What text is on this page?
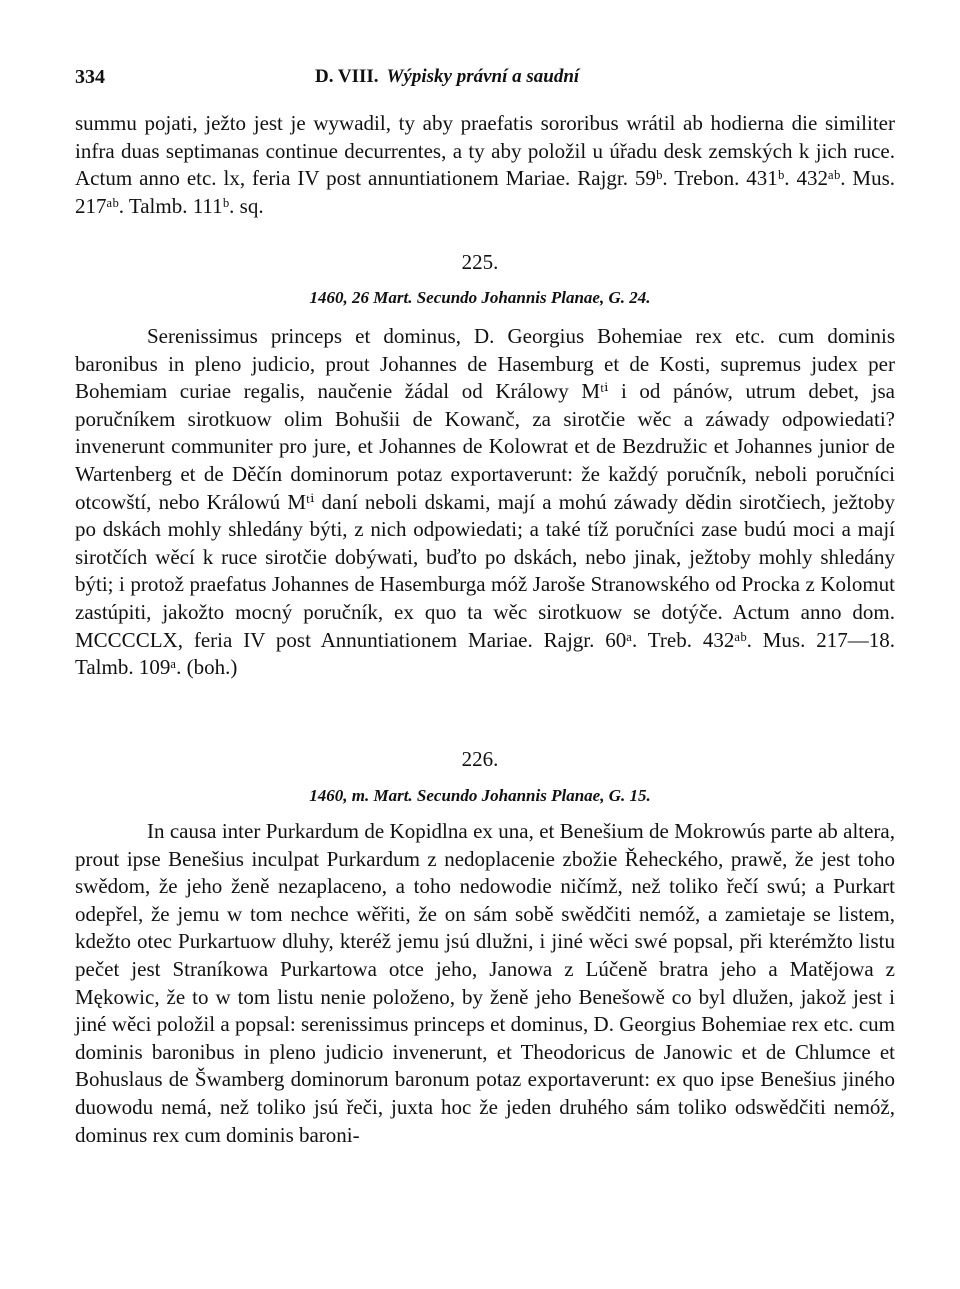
334	D. VIII. Wýpisky právní a saudní
summu pojati, ježto jest je wywadil, ty aby praefatis sororibus wrátil ab hodierna die similiter infra duas septimanas continue decurrentes, a ty aby položil u úřadu desk zemských k jich ruce. Actum anno etc. lx, feria IV post annuntiationem Mariae. Rajgr. 59ᵇ. Trebon. 431ᵇ. 432ᵃᵇ. Mus. 217ᵃᵇ. Talmb. 111ᵇ. sq.
225.
1460, 26 Mart. Secundo Johannis Planae, G. 24.
Serenissimus princeps et dominus, D. Georgius Bohemiae rex etc. cum dominis baronibus in pleno judicio, prout Johannes de Hasemburg et de Kosti, supremus judex per Bohemiam curiae regalis, naučenie žádal od Králowy Mᵗⁱ i od pánów, utrum debet, jsa poručníkem sirotkuow olim Bohušii de Kowanč, za sirotčie wěc a záwady odpowiedati? invenerunt communiter pro jure, et Johannes de Kolowrat et de Bezdružic et Johannes junior de Wartenberg et de Děčín dominorum potaz exportaverunt: že každý poručník, neboli poručníci otcowští, nebo Králowú Mᵗⁱ daní neboli dskami, mají a mohú záwady dědin sirotčiech, ježtoby po dskách mohly shledány býti, z nich odpowiedati; a také tíž poručníci zase budú moci a mají sirotčích wěcí k ruce sirotčie dobýwati, buďto po dskách, nebo jinak, ježtoby mohly shledány býti; i protož praefatus Johannes de Hasemburga móž Jaroše Stranowského od Procka z Kolomut zastúpiti, jakožto mocný poručník, ex quo ta wěc sirotkuow se dotýče. Actum anno dom. MCCCCLX, feria IV post Annuntiationem Mariae. Rajgr. 60ᵃ. Treb. 432ᵃᵇ. Mus. 217—18. Talmb. 109ᵃ. (boh.)
226.
1460, m. Mart. Secundo Johannis Planae, G. 15.
In causa inter Purkardum de Kopidlna ex una, et Benešium de Mokrowús parte ab altera, prout ipse Benešius inculpat Purkardum z nedoplacenie zbožie Řeheckého, prawě, že jest toho swědom, že jeho ženě nezaplaceno, a toho nedowodie ničímž, než toliko řečí swú; a Purkart odepřel, že jemu w tom nechce wěřiti, že on sám sobě swědčiti nemóž, a zamietaje se listem, kdežto otec Purkartuow dluhy, kteréž jemu jsú dlužni, i jiné wěci swé popsal, při kterémžto listu pečet jest Straníkowa Purkartowa otce jeho, Janowa z Lúčeně bratra jeho a Matějowa z Mękowic, že to w tom listu nenie položeno, by ženě jeho Benešowě co byl dlužen, jakož jest i jiné wěci položil a popsal: serenissimus princeps et dominus, D. Georgius Bohemiae rex etc. cum dominis baronibus in pleno judicio invenerunt, et Theodoricus de Janowic et de Chlumce et Bohuslaus de Šwamberg dominorum baronum potaz exportaverunt: ex quo ipse Benešius jiného duowodu nemá, než toliko jsú řeči, juxta hoc že jeden druhého sám toliko odswědčiti nemóž, dominus rex cum dominis baroni-
